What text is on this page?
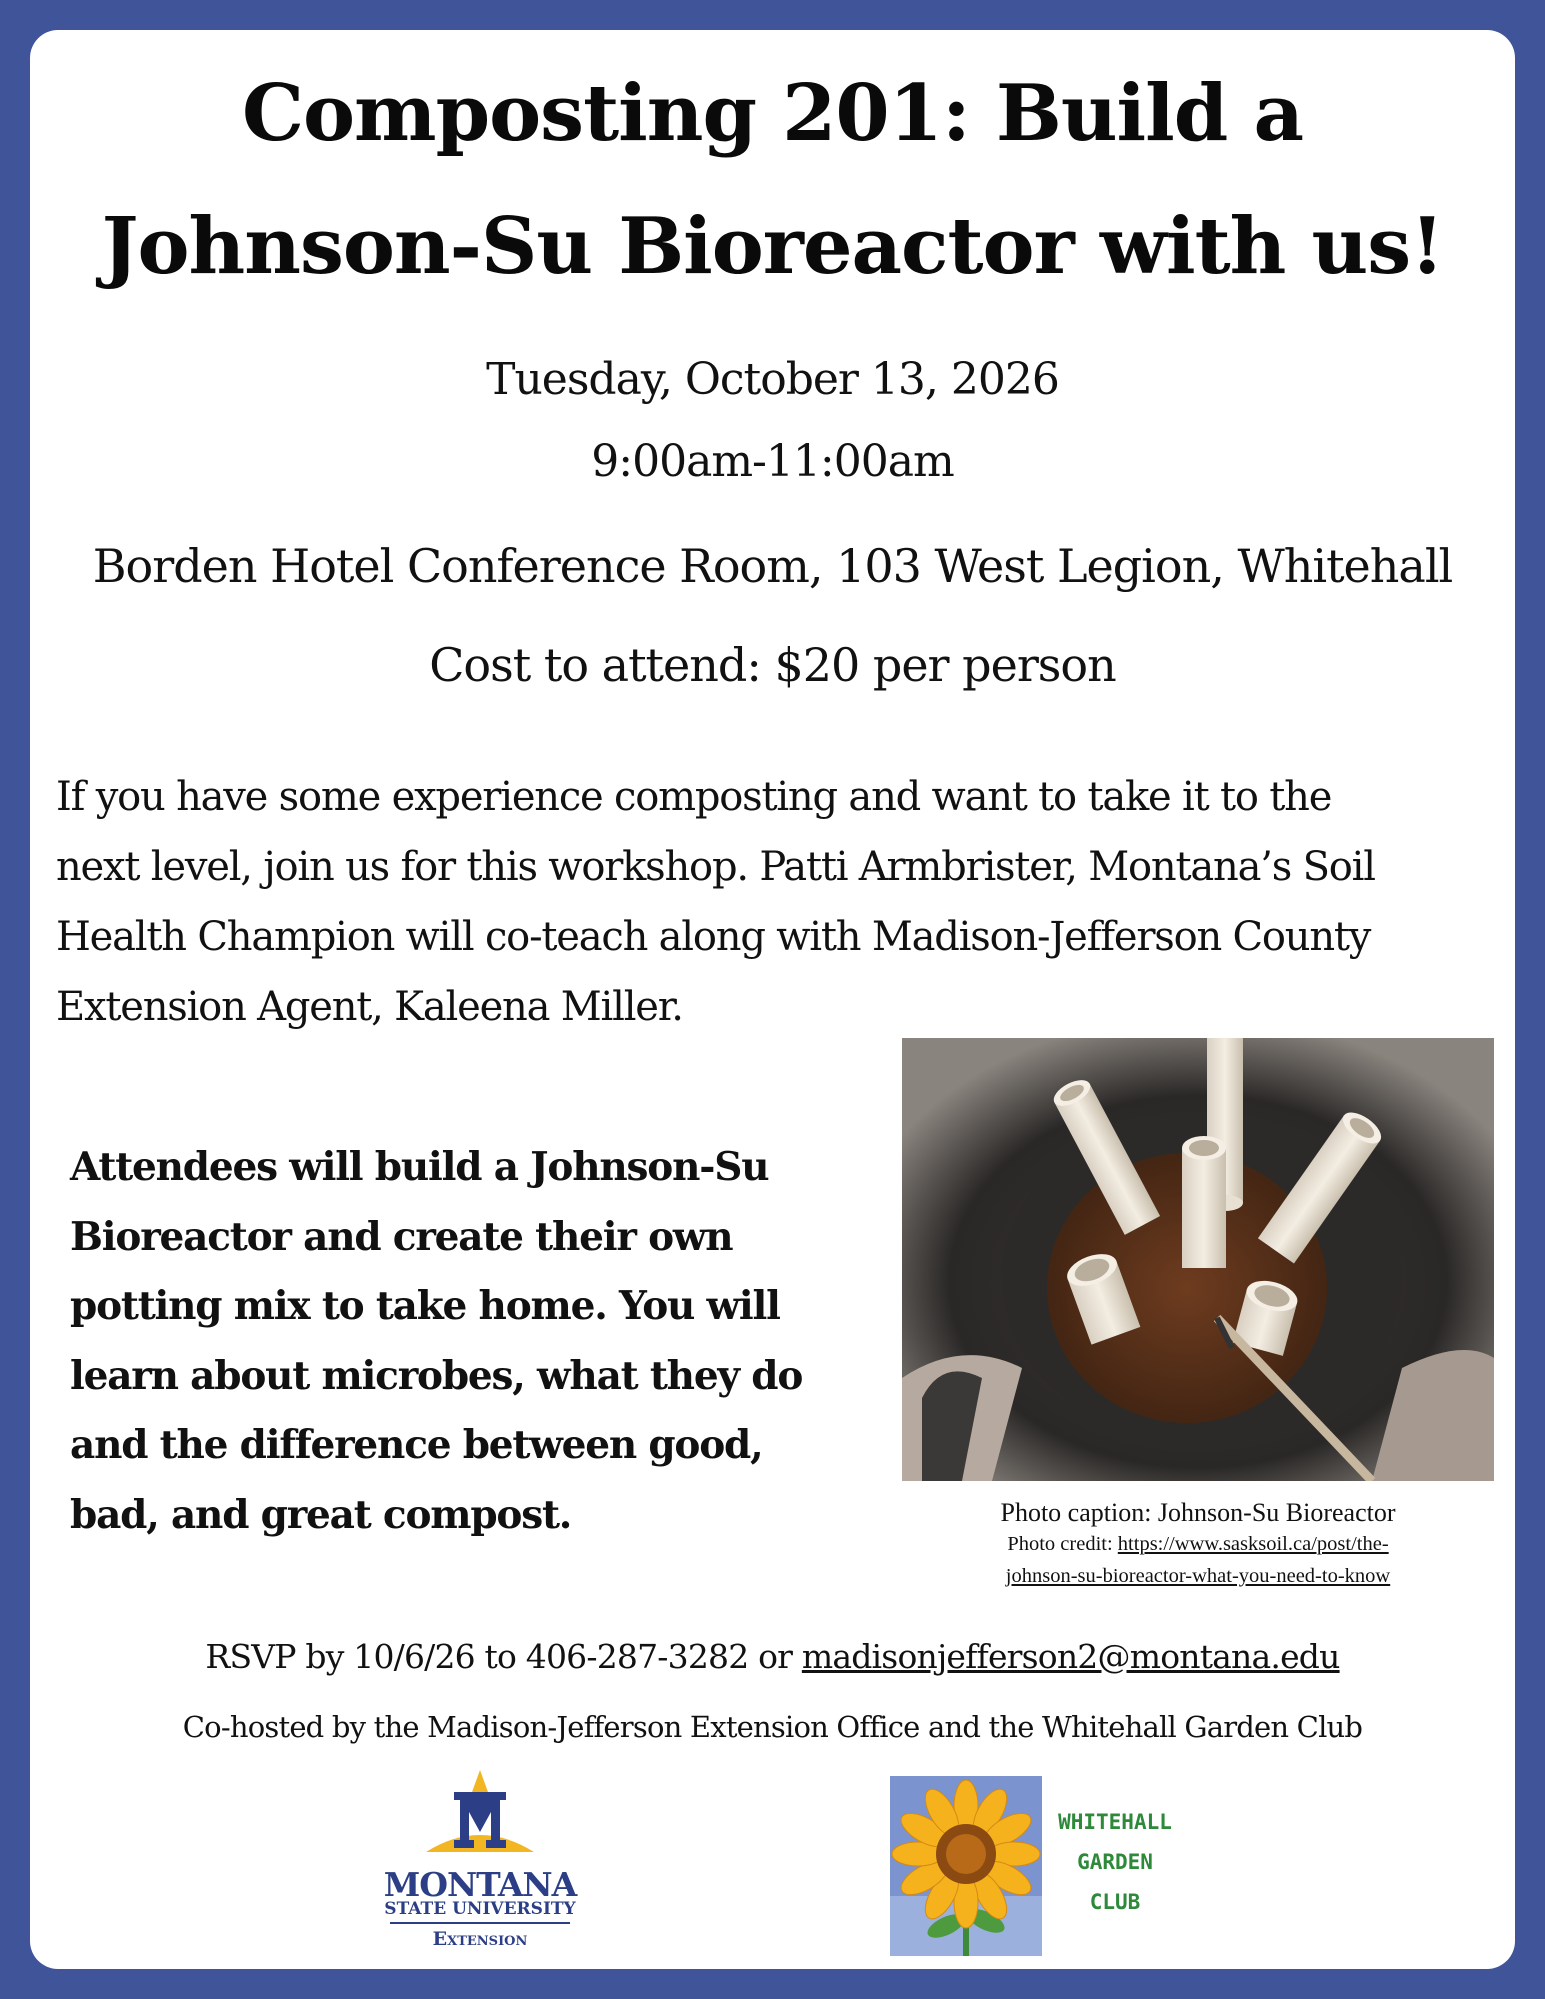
Composting 201: Build a
Johnson-Su Bioreactor with us!

Tuesday, October 13, 2026

9:00am-11:00am

Borden Hotel Conference Room, 103 West Legion, Whitehall

Cost to attend: $20 per person

If you have some experience composting and want to take it to the
next level, join us for this workshop. Patti Armbrister, Montana’s Soil
Health Champion will co-teach along with Madison-Jefferson County
Extension Agent, Kaleena Miller.
Attendees will build a Johnson-Su
Bioreactor and create their own
potting mix to take home. You will
learn about microbes, what they do
and the difference between good,
bad, and great compost.	Photo caption: Johnson-Su Bioreactor

Photo credit: https://www.sasksoil.ca/post/the-

johnson-su-bioreactor-what-you-need-to-know

RSVP by 10/6/26 to 406-287-3282 or madisonjefferson2@montana.edu
Co-hosted by the Madison-Jefferson Extension Office and the Whitehall Garden Club
MONTANA
STATE UNIVERSITY
Extension
WHITEHALL
GARDEN
CLUB
